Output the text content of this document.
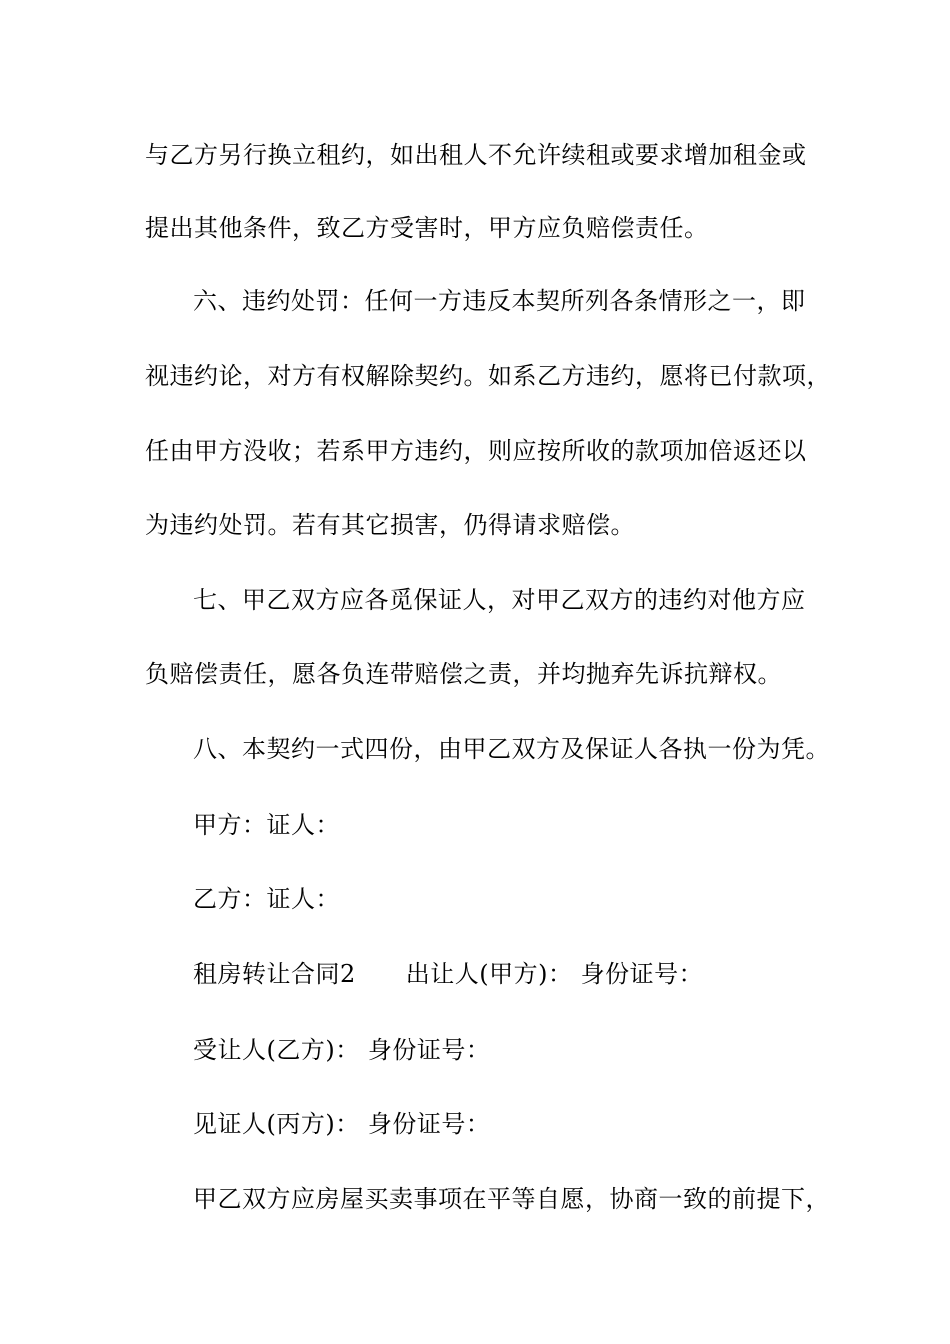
与乙方另行换立租约，如出租人不允许续租或要求增加租金或
提出其他条件，致乙方受害时，甲方应负赔偿责任。
六、违约处罚：任何一方违反本契所列各条情形之一，即
视违约论，对方有权解除契约。如系乙方违约，愿将已付款项，
任由甲方没收；若系甲方违约，则应按所收的款项加倍返还以
为违约处罚。若有其它损害，仍得请求赔偿。
七、甲乙双方应各觅保证人，对甲乙双方的违约对他方应
负赔偿责任，愿各负连带赔偿之责，并均抛弃先诉抗辩权。
八、本契约一式四份，由甲乙双方及保证人各执一份为凭。
甲方：证人：
乙方：证人：
租房转让合同2 出让人(甲方)： 身份证号：
受让人(乙方)： 身份证号：
见证人(丙方)： 身份证号：
甲乙双方应房屋买卖事项在平等自愿，协商一致的前提下，
